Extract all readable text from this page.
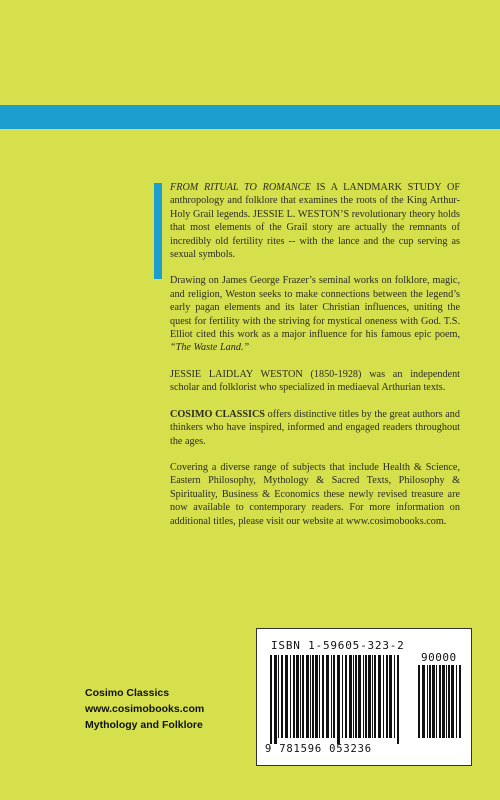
FROM RITUAL TO ROMANCE IS A LANDMARK STUDY OF anthropology and folklore that examines the roots of the King Arthur-Holy Grail legends. JESSIE L. WESTON’S revolutionary theory holds that most elements of the Grail story are actually the remnants of incredibly old fertility rites -- with the lance and the cup serving as sexual symbols.

Drawing on James George Frazer’s seminal works on folklore, magic, and religion, Weston seeks to make connections between the legend’s early pagan elements and its later Christian influences, uniting the quest for fertility with the striving for mystical oneness with God. T.S. Elliot cited this work as a major influence for his famous epic poem, “The Waste Land.”

JESSIE LAIDLAY WESTON (1850-1928) was an independent scholar and folklorist who specialized in mediaeval Arthurian texts.

COSIMO CLASSICS offers distinctive titles by the great authors and thinkers who have inspired, informed and engaged readers throughout the ages.

Covering a diverse range of subjects that include Health & Science, Eastern Philosophy, Mythology & Sacred Texts, Philosophy & Spirituality, Business & Economics these newly revised treasure are now available to contemporary readers. For more information on additional titles, please visit our website at www.cosimobooks.com.

Cosimo Classics
www.cosimobooks.com
Mythology and Folklore
ISBN 1-59605-323-2
90000
9 781596 053236
